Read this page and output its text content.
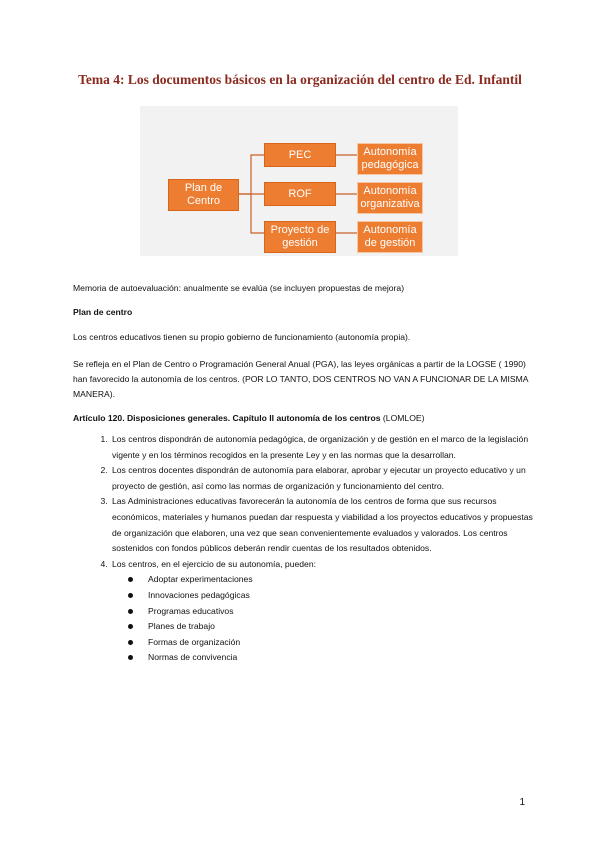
Tema 4: Los documentos básicos en la organización del centro de Ed. Infantil
Plan de Centro
PEC
ROF
Proyecto de gestión
Autonomía pedagógica
Autonomía organizativa
Autonomía de gestión

Memoria de autoevaluación: anualmente se evalúa (se incluyen propuestas de mejora)

Plan de centro

Los centros educativos tienen su propio gobierno de funcionamiento (autonomía propia).

Se refleja en el Plan de Centro o Programación General Anual (PGA), las leyes orgánicas a partir de la LOGSE ( 1990) han favorecido la autonomía de los centros. (POR LO TANTO, DOS CENTROS NO VAN A FUNCIONAR DE LA MISMA MANERA).

Artículo 120. Disposiciones generales. Capítulo II autonomía de los centros (LOMLOE)

1. Los centros dispondrán de autonomía pedagógica, de organización y de gestión en el marco de la legislación vigente y en los términos recogidos en la presente Ley y en las normas que la desarrollan.
2. Los centros docentes dispondrán de autonomía para elaborar, aprobar y ejecutar un proyecto educativo y un proyecto de gestión, así como las normas de organización y funcionamiento del centro.
3. Las Administraciones educativas favorecerán la autonomía de los centros de forma que sus recursos económicos, materiales y humanos puedan dar respuesta y viabilidad a los proyectos educativos y propuestas de organización que elaboren, una vez que sean convenientemente evaluados y valorados. Los centros sostenidos con fondos públicos deberán rendir cuentas de los resultados obtenidos.
4. Los centros, en el ejercicio de su autonomía, pueden:
Adoptar experimentaciones
Innovaciones pedagógicas
Programas educativos
Planes de trabajo
Formas de organización
Normas de convivencia
1
